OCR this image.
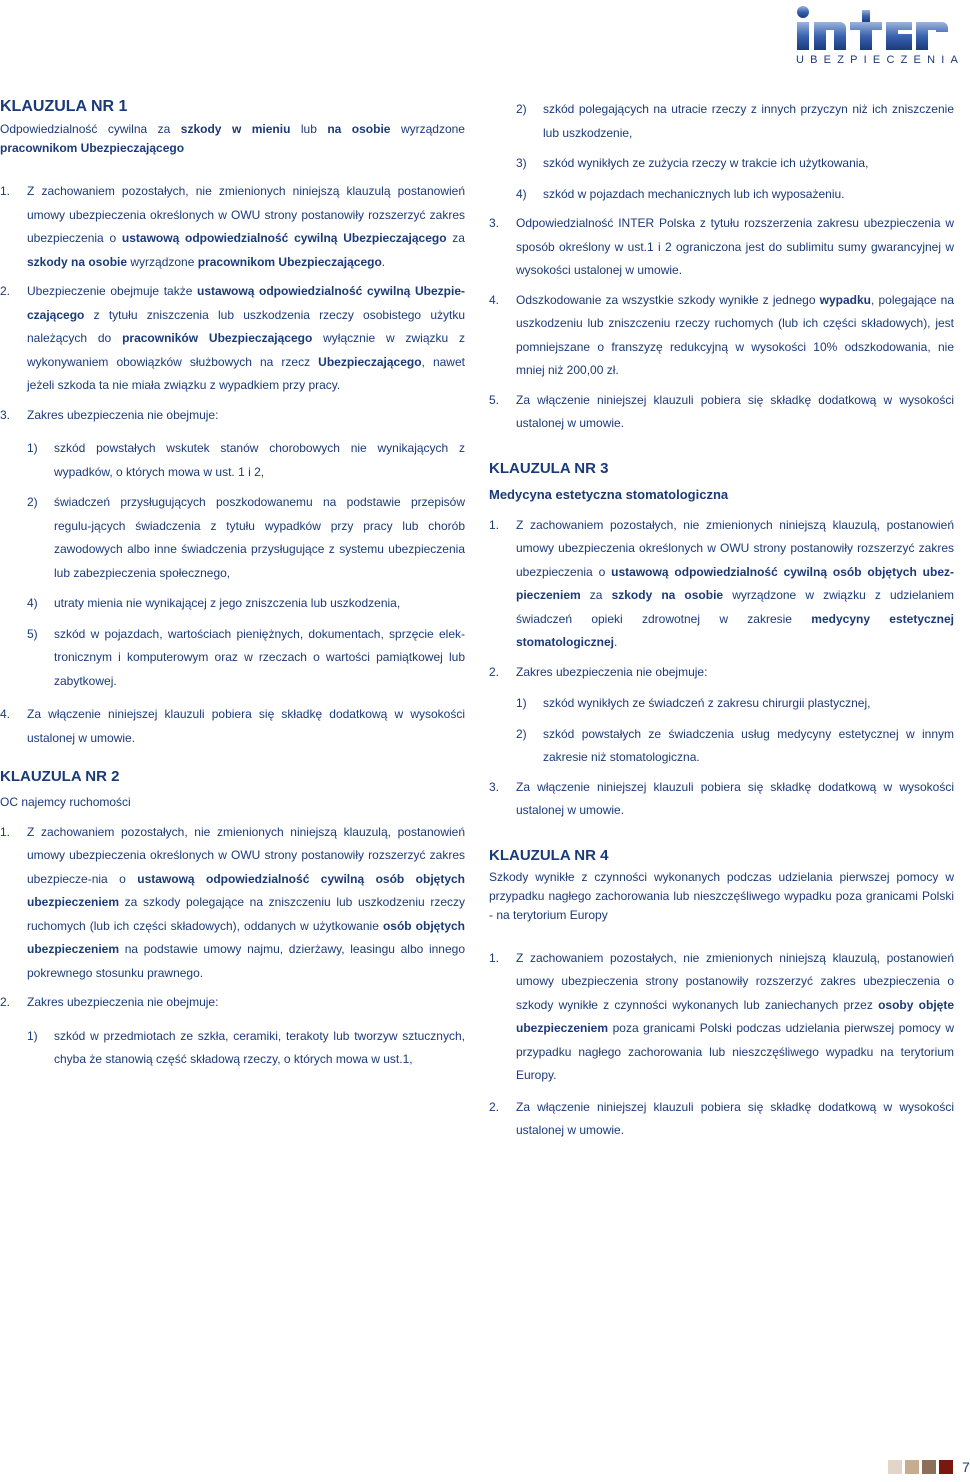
UBEZPIECZENIA
KLAUZULA NR 1

Odpowiedzialność cywilna za szkody w mieniu lub na osobie wyrządzone pracownikom Ubezpieczającego

1. Z zachowaniem pozostałych, nie zmienionych niniejszą klauzulą postanowień umowy ubezpieczenia określonych w OWU strony postanowiły rozszerzyć zakres ubezpieczenia o ustawową odpowiedzialność cywilną Ubezpieczającego za szkody na osobie wyrządzone pracownikom Ubezpieczającego.
2. Ubezpieczenie obejmuje także ustawową odpowiedzialność cywilną Ubezpie-czającego z tytułu zniszczenia lub uszkodzenia rzeczy osobistego użytku należących do pracowników Ubezpieczającego wyłącznie w związku z wykonywaniem obowiązków służbowych na rzecz Ubezpieczającego, nawet jeżeli szkoda ta nie miała związku z wypadkiem przy pracy.
3. Zakres ubezpieczenia nie obejmuje:
1) szkód powstałych wskutek stanów chorobowych nie wynikających z wypadków, o których mowa w ust. 1 i 2,
2) świadczeń przysługujących poszkodowanemu na podstawie przepisów regulu-jących świadczenia z tytułu wypadków przy pracy lub chorób zawodowych albo inne świadczenia przysługujące z systemu ubezpieczenia lub zabezpieczenia społecznego,
4) utraty mienia nie wynikającej z jego zniszczenia lub uszkodzenia,
5) szkód w pojazdach, wartościach pieniężnych, dokumentach, sprzęcie elek-tronicznym i komputerowym oraz w rzeczach o wartości pamiątkowej lub zabytkowej.
4. Za włączenie niniejszej klauzuli pobiera się składkę dodatkową w wysokości ustalonej w umowie.
KLAUZULA NR 2
OC najemcy ruchomości
1. Z zachowaniem pozostałych, nie zmienionych niniejszą klauzulą, postanowień umowy ubezpieczenia określonych w OWU strony postanowiły rozszerzyć zakres ubezpiecze-nia o ustawową odpowiedzialność cywilną osób objętych ubezpieczeniem za szkody polegające na zniszczeniu lub uszkodzeniu rzeczy ruchomych (lub ich części składowych), oddanych w użytkowanie osób objętych ubezpieczeniem na podstawie umowy najmu, dzierżawy, leasingu albo innego pokrewnego stosunku prawnego.
2. Zakres ubezpieczenia nie obejmuje:
1) szkód w przedmiotach ze szkła, ceramiki, terakoty lub tworzyw sztucznych, chyba że stanowią część składową rzeczy, o których mowa w ust.1,
2) szkód polegających na utracie rzeczy z innych przyczyn niż ich zniszczenie lub uszkodzenie,
3) szkód wynikłych ze zużycia rzeczy w trakcie ich użytkowania,
4) szkód w pojazdach mechanicznych lub ich wyposażeniu.
3. Odpowiedzialność INTER Polska z tytułu rozszerzenia zakresu ubezpieczenia w sposób określony w ust.1 i 2 ograniczona jest do sublimitu sumy gwarancyjnej w wysokości ustalonej w umowie.
4. Odszkodowanie za wszystkie szkody wynikłe z jednego wypadku, polegające na uszkodzeniu lub zniszczeniu rzeczy ruchomych (lub ich części składowych), jest pomniejszane o franszyzę redukcyjną w wysokości 10% odszkodowania, nie mniej niż 200,00 zł.
5. Za włączenie niniejszej klauzuli pobiera się składkę dodatkową w wysokości ustalonej w umowie.
KLAUZULA NR 3
Medycyna estetyczna stomatologiczna
1. Z zachowaniem pozostałych, nie zmienionych niniejszą klauzulą, postanowień umowy ubezpieczenia określonych w OWU strony postanowiły rozszerzyć zakres ubezpieczenia o ustawową odpowiedzialność cywilną osób objętych ubez-pieczeniem za szkody na osobie wyrządzone w związku z udzielaniem świadczeń opieki zdrowotnej w zakresie medycyny estetycznej stomatologicznej.
2. Zakres ubezpieczenia nie obejmuje:
1) szkód wynikłych ze świadczeń z zakresu chirurgii plastycznej,
2) szkód powstałych ze świadczenia usług medycyny estetycznej w innym zakresie niż stomatologiczna.
3. Za włączenie niniejszej klauzuli pobiera się składkę dodatkową w wysokości ustalonej w umowie.
KLAUZULA NR 4
Szkody wynikłe z czynności wykonanych podczas udzielania pierwszej pomocy w przypadku nagłego zachorowania lub nieszczęśliwego wypadku poza granicami Polski - na terytorium Europy
1. Z zachowaniem pozostałych, nie zmienionych niniejszą klauzulą, postanowień umowy ubezpieczenia strony postanowiły rozszerzyć zakres ubezpieczenia o szkody wynikłe z czynności wykonanych lub zaniechanych przez osoby objęte ubezpieczeniem poza granicami Polski podczas udzielania pierwszej pomocy w przypadku nagłego zachorowania lub nieszczęśliwego wypadku na terytorium Europy.
2. Za włączenie niniejszej klauzuli pobiera się składkę dodatkową w wysokości ustalonej w umowie.
7
